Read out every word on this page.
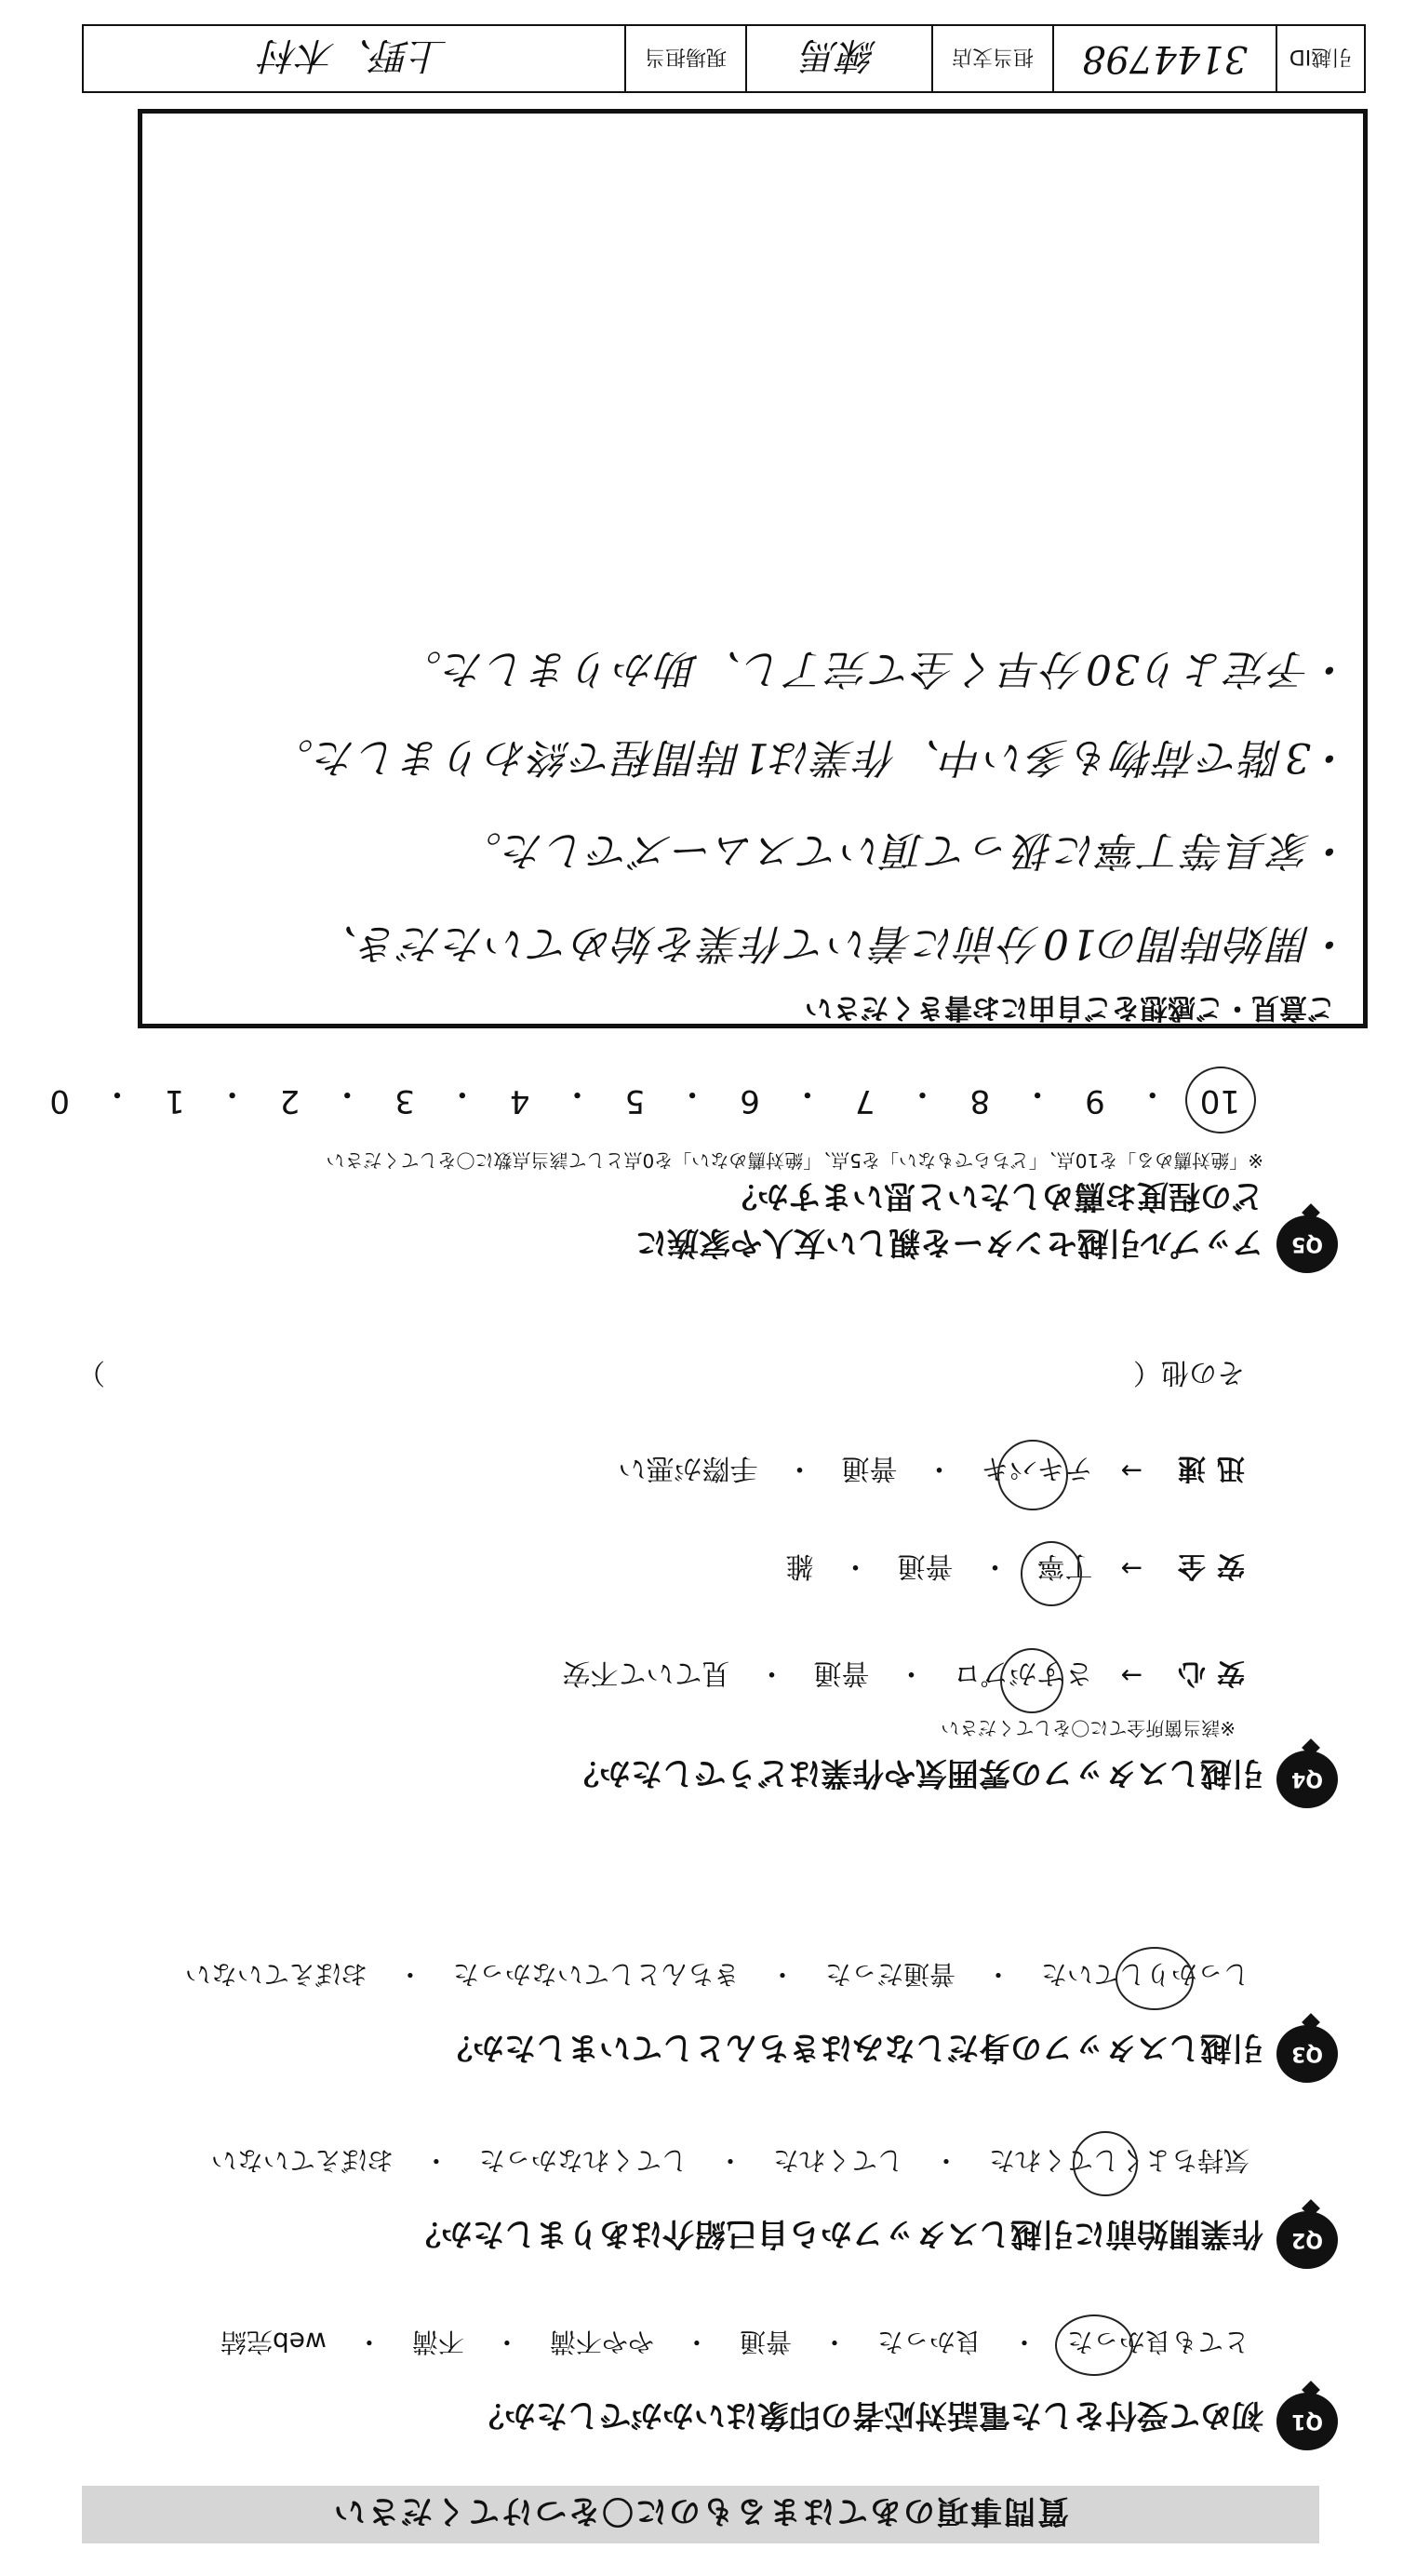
質問事項のあてはまるものに〇をつけてください
Q1
初めて受付をした電話対応者の印象はいかがでしたか？
とても良かった
・
良かった
・
普通
・
やや不満
・
不満
・
web完結
Q2
作業開始前に引越しスタッフから自己紹介はありましたか？
気持ちよくしてくれた
・
してくれた
・
してくれなかった
・
おぼえていない
Q3
引越しスタッフの身だしなみはきちんとしていましたか？
しっかりしていた
・
普通だった
・
きちんとしていなかった
・
おぼえていない
Q4
引越しスタッフの雰囲気や作業はどうでしたか？
※該当箇所全てに〇をしてください
安心
→
さすがプロ
・
普通
・
見ていて不安
安全
→
丁寧
・
普通
・
雑
迅速
→
テキパキ
・
普通
・
手際が悪い
その他（
）
Q5
アップル引越センターを親しい友人や家族に
どの程度お薦めしたいと思いますか？
※「絶対薦める」を10点、「どちらでもない」を5点、「絶対薦めない」を0点として該当点数に〇をしてください
10
・
9
・
8
・
7
・
6
・
5
・
4
・
3
・
2
・
1
・
0
ご意見・ご感想をご自由にお書きください
・開始時間の10分前に着いて作業を始めていただき、
・家具等丁寧に扱って頂いてスムーズでした。
・3階で荷物も多い中、作業は1時間程で終わりました。
・予定より30分早く全て完了し、助かりました。
引越ID
3144798
担当支店
練馬
現場担当
上野、木村
